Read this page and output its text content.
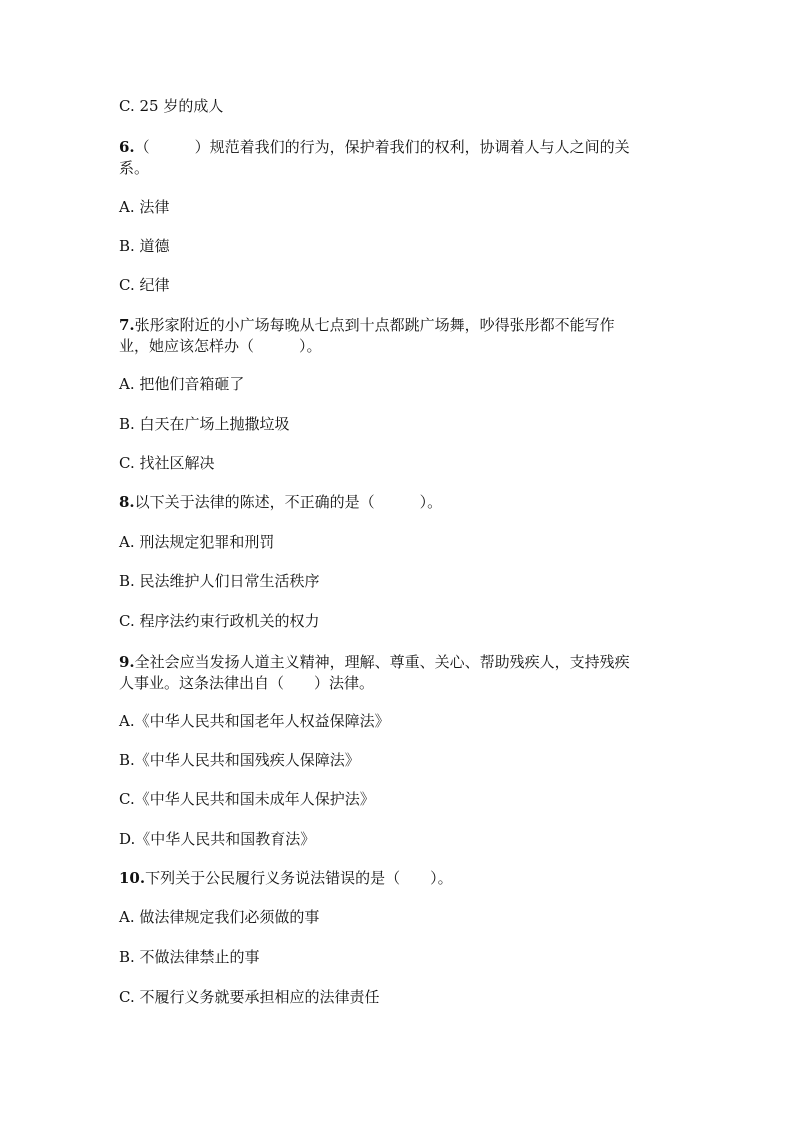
C. 25 岁的成人
6.（　　　）规范着我们的行为，保护着我们的权利，协调着人与人之间的关
系。
A. 法律
B. 道德
C. 纪律
7.张彤家附近的小广场每晚从七点到十点都跳广场舞，吵得张彤都不能写作
业，她应该怎样办（　　　）。
A. 把他们音箱砸了
B. 白天在广场上抛撒垃圾
C. 找社区解决
8.以下关于法律的陈述，不正确的是（　　　）。
A. 刑法规定犯罪和刑罚
B. 民法维护人们日常生活秩序
C. 程序法约束行政机关的权力
9.全社会应当发扬人道主义精神，理解、尊重、关心、帮助残疾人，支持残疾
人事业。这条法律出自（　　）法律。
A.《中华人民共和国老年人权益保障法》
B.《中华人民共和国残疾人保障法》
C.《中华人民共和国未成年人保护法》
D.《中华人民共和国教育法》
10.下列关于公民履行义务说法错误的是（　　）。
A. 做法律规定我们必须做的事
B. 不做法律禁止的事
C. 不履行义务就要承担相应的法律责任
